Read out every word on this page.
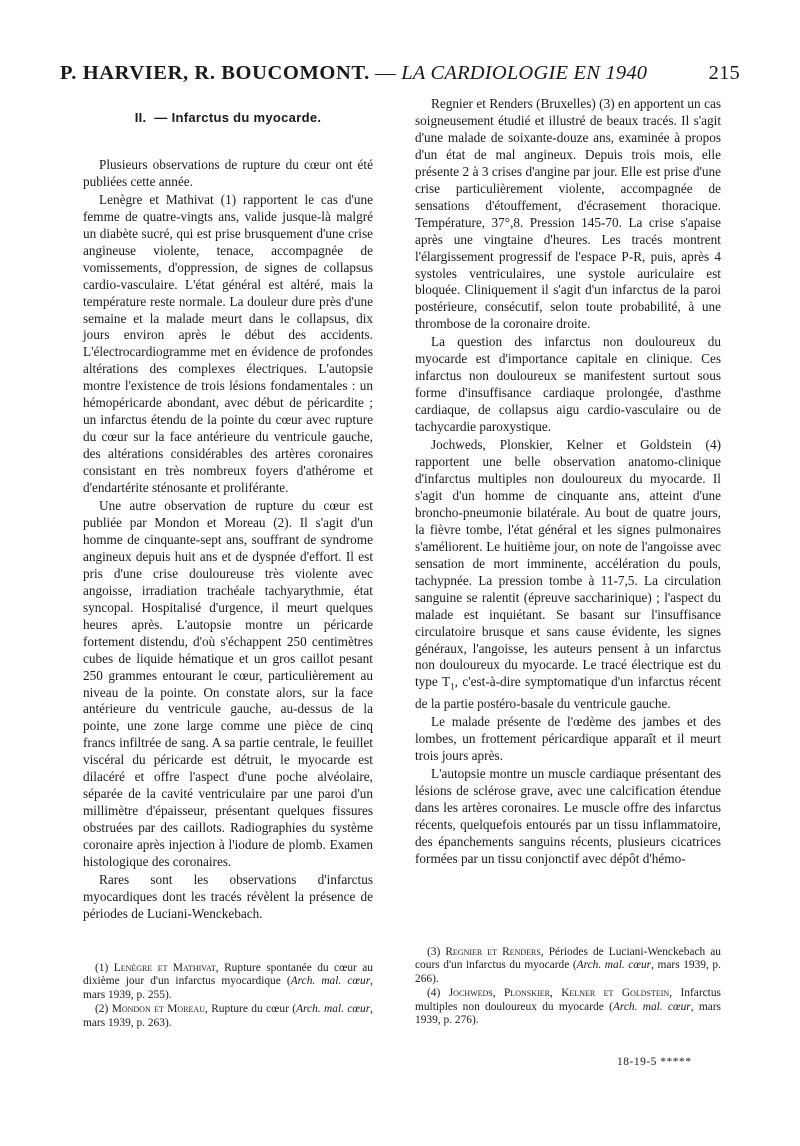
P. HARVIER, R. BOUCOMONT. — LA CARDIOLOGIE EN 1940	215
II. — Infarctus du myocarde.

Plusieurs observations de rupture du cœur ont été publiées cette année.

Lenègre et Mathivat (1) rapportent le cas d'une femme de quatre-vingts ans, valide jusque-là malgré un diabète sucré, qui est prise brusquement d'une crise angineuse violente, tenace, accompagnée de vomissements, d'oppression, de signes de collapsus cardio-vasculaire. L'état général est altéré, mais la température reste normale. La douleur dure près d'une semaine et la malade meurt dans le collapsus, dix jours environ après le début des accidents. L'électrocardiogramme met en évidence de profondes altérations des complexes électriques. L'autopsie montre l'existence de trois lésions fondamentales : un hémopéricarde abondant, avec début de péricardite ; un infarctus étendu de la pointe du cœur avec rupture du cœur sur la face antérieure du ventricule gauche, des altérations considérables des artères coronaires consistant en très nombreux foyers d'athérome et d'endartérite sténosante et proliférante.

Une autre observation de rupture du cœur est publiée par Mondon et Moreau (2). Il s'agit d'un homme de cinquante-sept ans, souffrant de syndrome angineux depuis huit ans et de dyspnée d'effort. Il est pris d'une crise douloureuse très violente avec angoisse, irradiation trachéale tachyarythmie, état syncopal. Hospitalisé d'urgence, il meurt quelques heures après. L'autopsie montre un péricarde fortement distendu, d'où s'échappent 250 centimètres cubes de liquide hématique et un gros caillot pesant 250 grammes entourant le cœur, particulièrement au niveau de la pointe. On constate alors, sur la face antérieure du ventricule gauche, au-dessus de la pointe, une zone large comme une pièce de cinq francs infiltrée de sang. A sa partie centrale, le feuillet viscéral du péricarde est détruit, le myocarde est dilacéré et offre l'aspect d'une poche alvéolaire, séparée de la cavité ventriculaire par une paroi d'un millimètre d'épaisseur, présentant quelques fissures obstruées par des caillots. Radiographies du système coronaire après injection à l'iodure de plomb. Examen histologique des coronaires.

Rares sont les observations d'infarctus myocardiques dont les tracés révèlent la présence de périodes de Luciani-Wenckebach.

Regnier et Renders (Bruxelles) (3) en apportent un cas soigneusement étudié et illustré de beaux tracés. Il s'agit d'une malade de soixante-douze ans, examinée à propos d'un état de mal angineux. Depuis trois mois, elle présente 2 à 3 crises d'angine par jour. Elle est prise d'une crise particulièrement violente, accompagnée de sensations d'étouffement, d'écrasement thoracique. Température, 37°,8. Pression 145-70. La crise s'apaise après une vingtaine d'heures. Les tracés montrent l'élargissement progressif de l'espace P-R, puis, après 4 systoles ventriculaires, une systole auriculaire est bloquée. Cliniquement il s'agit d'un infarctus de la paroi postérieure, consécutif, selon toute probabilité, à une thrombose de la coronaire droite.

La question des infarctus non douloureux du myocarde est d'importance capitale en clinique. Ces infarctus non douloureux se manifestent surtout sous forme d'insuffisance cardiaque prolongée, d'asthme cardiaque, de collapsus aigu cardio-vasculaire ou de tachycardie paroxystique.

Jochweds, Plonskier, Kelner et Goldstein (4) rapportent une belle observation anatomo-clinique d'infarctus multiples non douloureux du myocarde. Il s'agit d'un homme de cinquante ans, atteint d'une broncho-pneumonie bilatérale. Au bout de quatre jours, la fièvre tombe, l'état général et les signes pulmonaires s'améliorent. Le huitième jour, on note de l'angoisse avec sensation de mort imminente, accélération du pouls, tachypnée. La pression tombe à 11-7,5. La circulation sanguine se ralentit (épreuve saccharinique) ; l'aspect du malade est inquiétant. Se basant sur l'insuffisance circulatoire brusque et sans cause évidente, les signes généraux, l'angoisse, les auteurs pensent à un infarctus non douloureux du myocarde. Le tracé électrique est du type $T_1$, c'est-à-dire symptomatique d'un infarctus récent de la partie postéro-basale du ventricule gauche.

Le malade présente de l'œdème des jambes et des lombes, un frottement péricardique apparaît et il meurt trois jours après.

L'autopsie montre un muscle cardiaque présentant des lésions de sclérose grave, avec une calcification étendue dans les artères coronaires. Le muscle offre des infarctus récents, quelquefois entourés par un tissu inflammatoire, des épanchements sanguins récents, plusieurs cicatrices formées par un tissu conjonctif avec dépôt d'hémo-

(1) Lenègre et Mathivat, Rupture spontanée du cœur au dixième jour d'un infarctus myocardique (Arch. mal. cœur, mars 1939, p. 255).

(2) Mondon et Moreau, Rupture du cœur (Arch. mal. cœur, mars 1939, p. 263).

(3) Regnier et Renders, Périodes de Luciani-Wenckebach au cours d'un infarctus du myocarde (Arch. mal. cœur, mars 1939, p. 266).

(4) Jochweds, Plonskier, Kelner et Goldstein, Infarctus multiples non douloureux du myocarde (Arch. mal. cœur, mars 1939, p. 276).

18-19-5 *****
